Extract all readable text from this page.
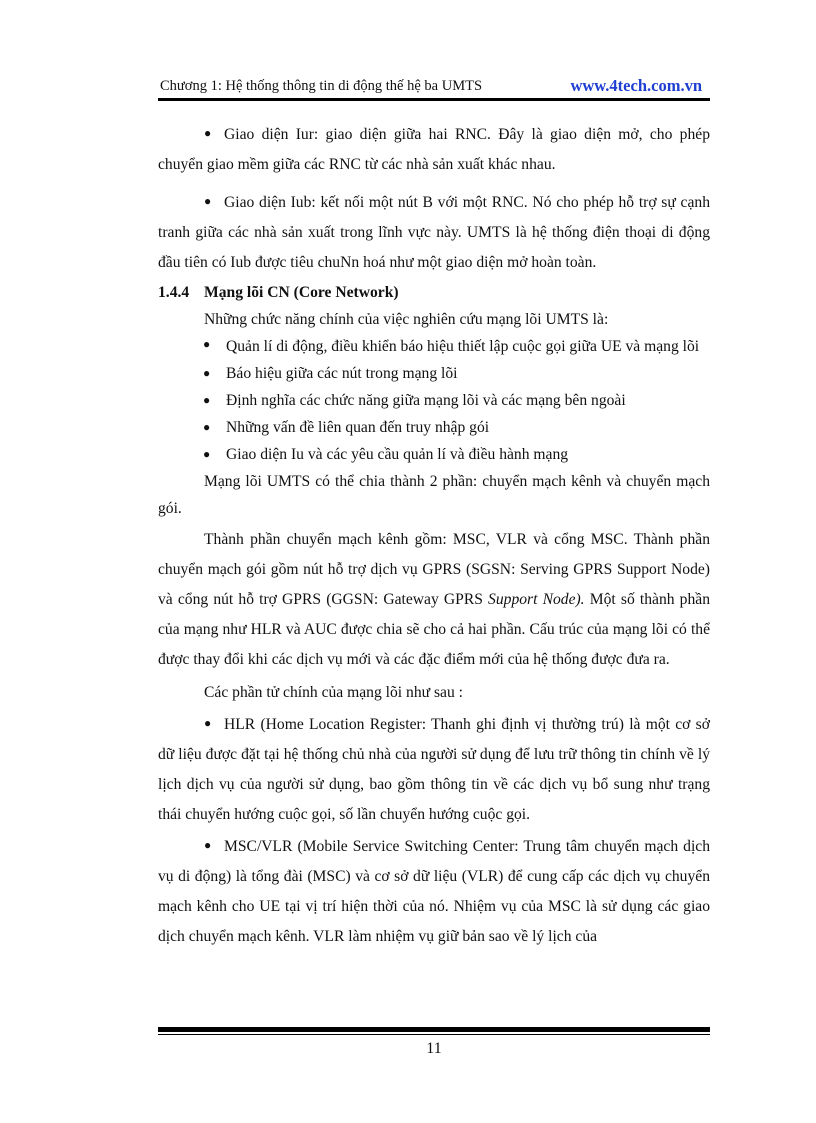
Chương 1: Hệ thống thông tin di động thế hệ ba UMTS	www.4tech.com.vn

● Giao diện Iur: giao diện giữa hai RNC. Đây là giao diện mở, cho phép chuyển giao mềm giữa các RNC từ các nhà sản xuất khác nhau.

● Giao diện Iub: kết nối một nút B với một RNC. Nó cho phép hỗ trợ sự cạnh tranh giữa các nhà sản xuất trong lĩnh vực này. UMTS là hệ thống điện thoại di động đầu tiên có Iub được tiêu chuNn hoá như một giao diện mở hoàn toàn.

1.4.4 Mạng lõi CN (Core Network)

Những chức năng chính của việc nghiên cứu mạng lõi UMTS là:

● Quản lí di động, điều khiển báo hiệu thiết lập cuộc gọi giữa UE và mạng lõi
● Báo hiệu giữa các nút trong mạng lõi
● Định nghĩa các chức năng giữa mạng lõi và các mạng bên ngoài
● Những vấn đề liên quan đến truy nhập gói
● Giao diện Iu và các yêu cầu quản lí và điều hành mạng

Mạng lõi UMTS có thể chia thành 2 phần: chuyển mạch kênh và chuyển mạch gói.

Thành phần chuyển mạch kênh gồm: MSC, VLR và cổng MSC. Thành phần chuyển mạch gói gồm nút hỗ trợ dịch vụ GPRS (SGSN: Serving GPRS Support Node) và cổng nút hỗ trợ GPRS (GGSN: Gateway GPRS Support Node). Một số thành phần của mạng như HLR và AUC được chia sẽ cho cả hai phần. Cấu trúc của mạng lõi có thể được thay đổi khi các dịch vụ mới và các đặc điểm mới của hệ thống được đưa ra.

Các phần tử chính của mạng lõi như sau :

● HLR (Home Location Register: Thanh ghi định vị thường trú) là một cơ sở dữ liệu được đặt tại hệ thống chủ nhà của người sử dụng để lưu trữ thông tin chính về lý lịch dịch vụ của người sử dụng, bao gồm thông tin về các dịch vụ bổ sung như trạng thái chuyển hướng cuộc gọi, số lần chuyển hướng cuộc gọi.

● MSC/VLR (Mobile Service Switching Center: Trung tâm chuyển mạch dịch vụ di động) là tổng đài (MSC) và cơ sở dữ liệu (VLR) để cung cấp các dịch vụ chuyển mạch kênh cho UE tại vị trí hiện thời của nó. Nhiệm vụ của MSC là sử dụng các giao dịch chuyển mạch kênh. VLR làm nhiệm vụ giữ bản sao về lý lịch của

11
